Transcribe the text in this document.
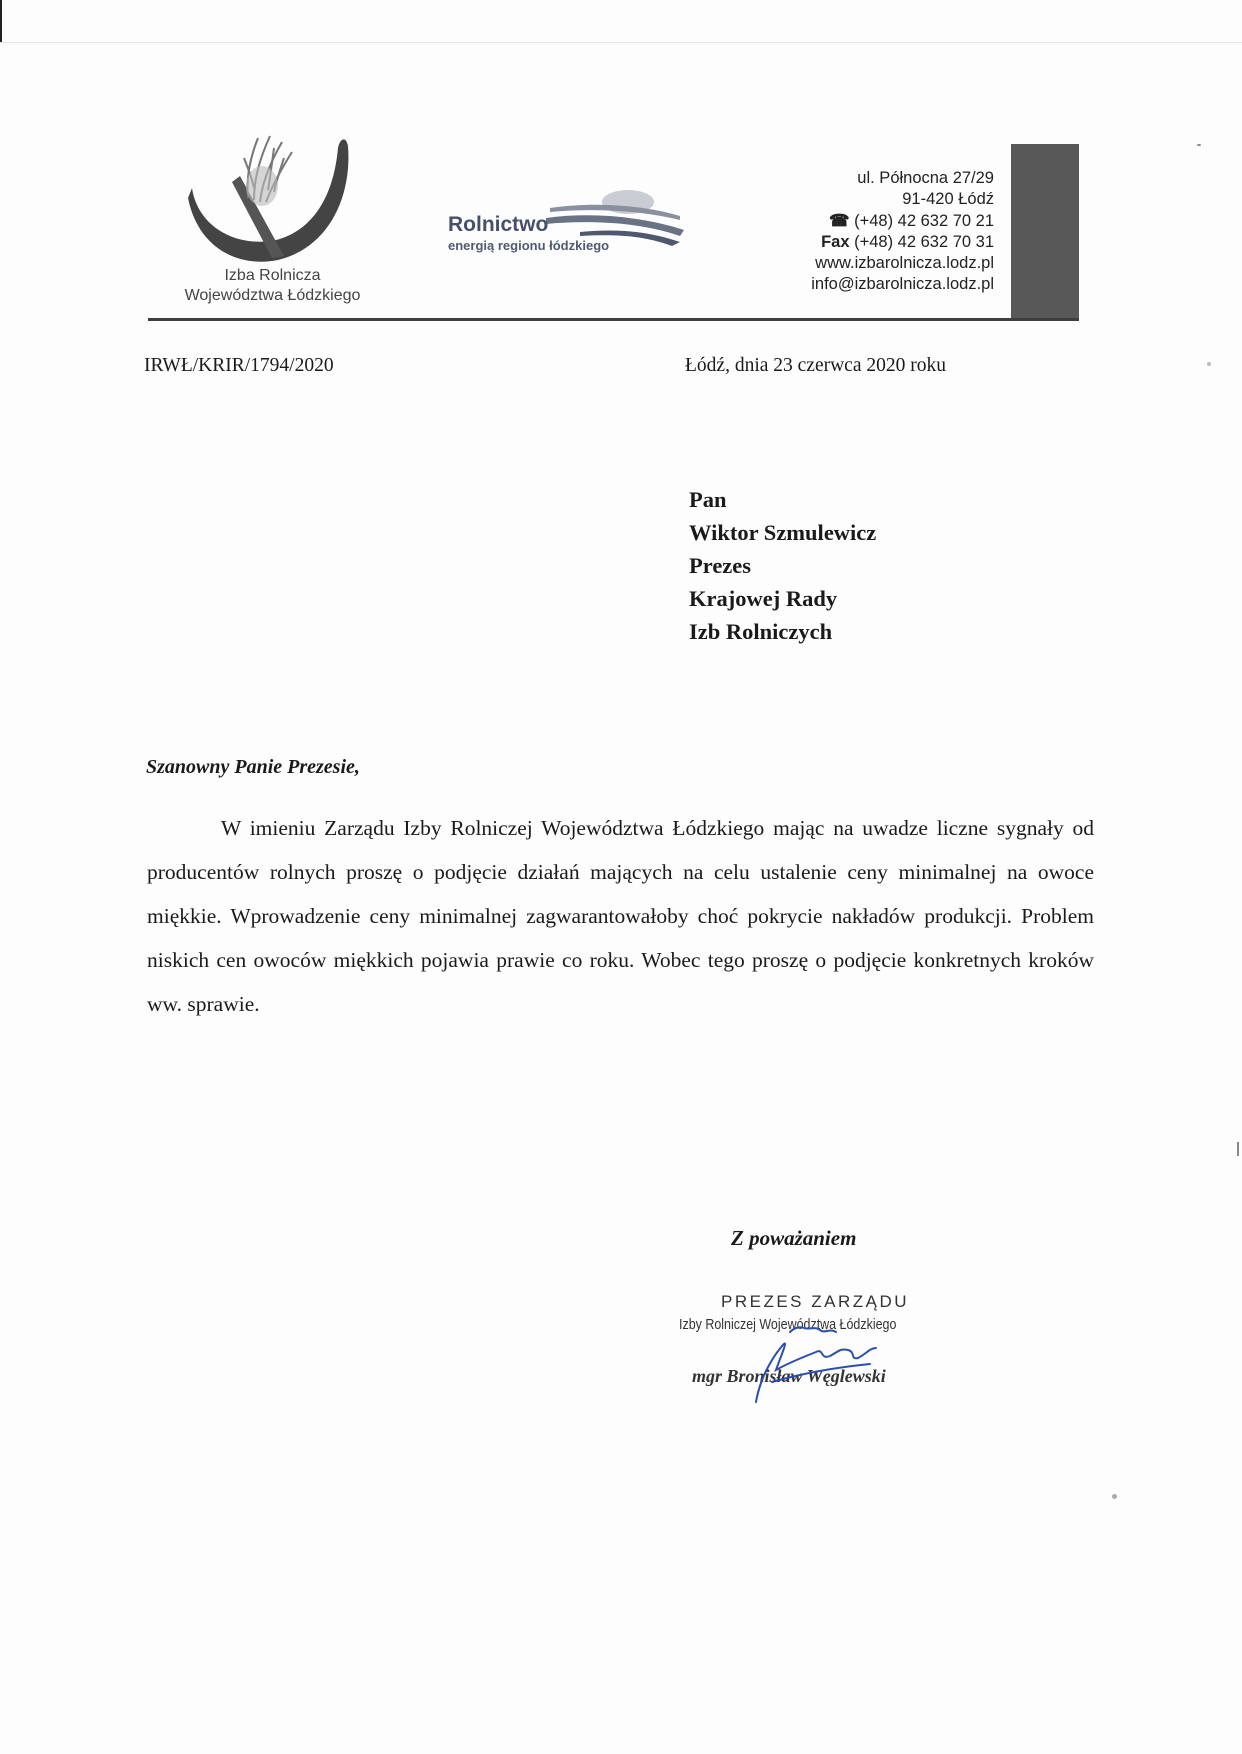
Izba Rolnicza
Województwa Łódzkiego
Rolnictwo
energią regionu łódzkiego
ul. Północna 27/29
91-420 Łódź
☎ (+48) 42 632 70 21
Fax (+48) 42 632 70 31
www.izbarolnicza.lodz.pl
info@izbarolnicza.lodz.pl
IRWŁ/KRIR/1794/2020	Łódź, dnia 23 czerwca 2020 roku
Pan
Wiktor Szmulewicz
Prezes
Krajowej Rady
Izb Rolniczych
Szanowny Panie Prezesie,

W imieniu Zarządu Izby Rolniczej Województwa Łódzkiego mając na uwadze liczne sygnały od producentów rolnych proszę o podjęcie działań mających na celu ustalenie ceny minimalnej na owoce miękkie. Wprowadzenie ceny minimalnej zagwarantowałoby choć pokrycie nakładów produkcji. Problem niskich cen owoców miękkich pojawia prawie co roku. Wobec tego proszę o podjęcie konkretnych kroków ww. sprawie.

Z poważaniem
PREZES ZARZĄDU
Izby Rolniczej Województwa Łódzkiego
mgr Bronisław Węglewski
